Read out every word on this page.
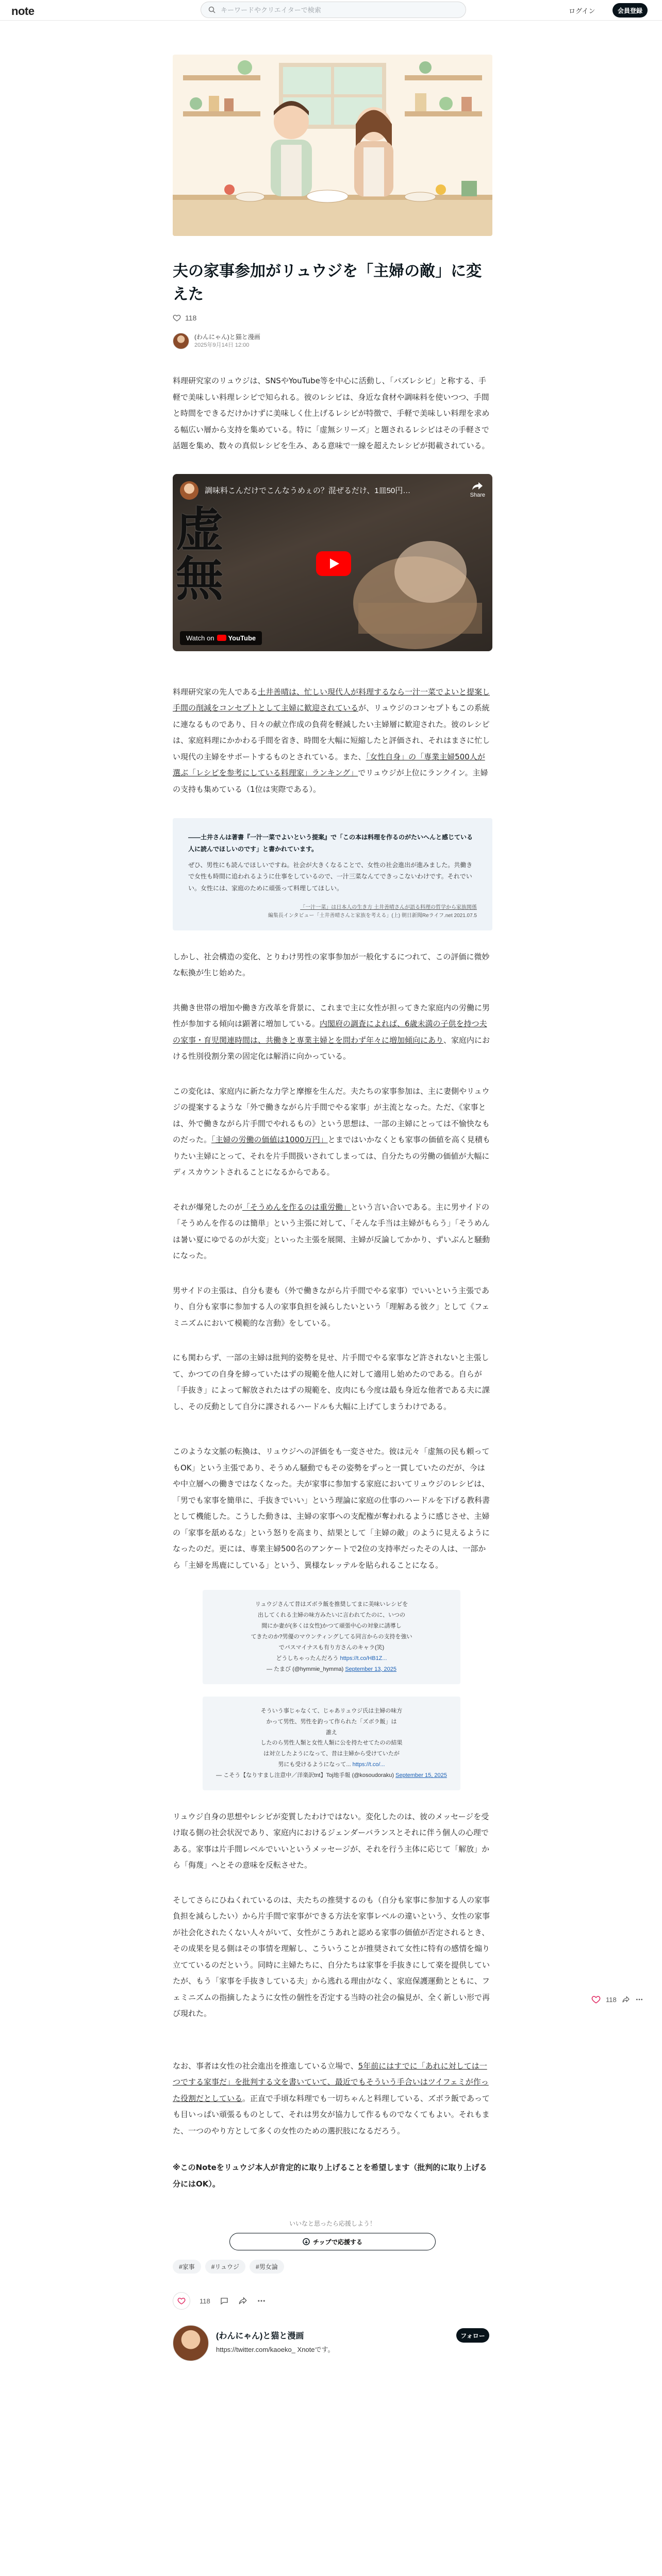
note
キーワードやクリエイターで検索	ログイン	会員登録
夫の家事参加がリュウジを「主婦の敵」に変えた
118
(わんにゃん)と猫と漫画
2025年9月14日 12:00

料理研究家のリュウジは、SNSやYouTube等を中心に活動し、「バズレシピ」と称する、手軽で美味しい料理レシピで知られる。彼のレシピは、身近な食材や調味料を使いつつ、手間と時間をできるだけかけずに美味しく仕上げるレシピが特徴で、手軽で美味しい料理を求める幅広い層から支持を集めている。特に「虚無シリーズ」と題されるレシピはその手軽さで話題を集め、数々の真似レシピを生み、ある意味で一線を超えたレシピが掲載されている。

調味料こんだけでこんなうめぇの？混ぜるだけ、1皿50円…	Share
虚
無
Watch on YouTube

料理研究家の先人である土井善晴は、忙しい現代人が料理するなら一汁一菜でよいと提案し手間の削減をコンセプトとして主婦に歓迎されているが、リュウジのコンセプトもこの系統に連なるものであり、日々の献立作成の負荷を軽減したい主婦層に歓迎された。彼のレシピは、家庭料理にかかわる手間を省き、時間を大幅に短縮したと評価され、それはまさに忙しい現代の主婦をサポートするものとされている。また、「女性自身」の「専業主婦500人が選ぶ「レシピを参考にしている料理家」ランキング」でリュウジが上位にランクイン。主婦の支持も集めている（1位は実際である）。

——土井さんは著書『一汁一菜でよいという提案』で「この本は料理を作るのがたいへんと感じている人に読んでほしいのです」と書かれています。
ぜひ、男性にも読んでほしいですね。社会が大きくなることで、女性の社会進出が進みました。共働きで女性も時間に追われるように仕事をしているので、一汁三菜なんてできっこないわけです。それでいい。女性には、家庭のために頑張って料理してほしい。
「一汁一菜」は日本人の生き方 土井善晴さんが語る料理の哲学から家族関係
編集長インタビュー「土井善晴さんと家族を考える」(上) 朝日新聞Reライフ.net 2021.07.5

しかし、社会構造の変化、とりわけ男性の家事参加が一般化するにつれて、この評価に微妙な転換が生じ始めた。

共働き世帯の増加や働き方改革を背景に、これまで主に女性が担ってきた家庭内の労働に男性が参加する傾向は顕著に増加している。内閣府の調査によれば、6歳未満の子供を持つ夫の家事・育児関連時間は、共働きと専業主婦とを問わず年々に増加傾向にあり、家庭内における性別役割分業の固定化は解消に向かっている。

この変化は、家庭内に新たな力学と摩擦を生んだ。夫たちの家事参加は、主に妻側やリュウジの提案するような「外で働きながら片手間でやる家事」が主流となった。ただ、《家事とは、外で働きながら片手間でやれるもの》という思想は、一部の主婦にとっては不愉快なものだった。「主婦の労働の価値は1000万円」とまではいかなくとも家事の価値を高く見積もりたい主婦にとって、それを片手間扱いされてしまっては、自分たちの労働の価値が大幅にディスカウントされることになるからである。

それが爆発したのが「そうめんを作るのは重労働」という言い合いである。主に男サイドの「そうめんを作るのは簡単」という主張に対して、「そんな手当は主婦がもらう」「そうめんは暑い夏にゆでるのが大変」といった主張を展開、主婦が反論してかかり、ずいぶんと騒動になった。

男サイドの主張は、自分も妻も（外で働きながら片手間でやる家事）でいいという主張であり、自分も家事に参加する人の家事負担を減らしたいという「理解ある彼ク」として《フェミニズムにおいて模範的な言動》をしている。

にも関わらず、一部の主婦は批判的姿勢を見せ、片手間でやる家事など許されないと主張して、かつての自身を締っていたはずの規範を他人に対して適用し始めたのである。自らが「手抜き」によって解放されたはずの規範を、皮肉にも今度は最も身近な他者である夫に課し、その反動として自分に課されるハードルも大幅に上げてしまうわけである。

このような文脈の転換は、リュウジへの評価をも一変させた。彼は元々「虚無の民も頼ってもOK」という主張であり、そうめん騒動でもその姿勢をずっと一貫していたのだが、今はや中立層への働きではなくなった。夫が家事に参加する家庭においてリュウジのレシピは、「男でも家事を簡単に、手抜きでいい」という理論に家庭の仕事のハードルを下げる教科書として機能した。こうした動きは、主婦の家事への支配権が奪われるように感じさせ、主婦の「家事を舐めるな」という怒りを高まり、結果として「主婦の敵」のように見えるようになったのだ。更には、専業主婦500名のアンケートで2位の支持率だったその人は、一部から「主婦を馬鹿にしている」という、異様なレッテルを貼られることになる。

リュウジさんて昔はズボラ飯を推奨してまに美味いレシピを
出してくれる主婦の味方みたいに言われてたのに、いつの
間にか妻が(多くは女性)かつて頑張中心の対象に誘導し
てきたのか?男優のマウンティングしてる同言からの支持を強い
でパスマイナスも有り方さんのキャラ(笑)
どうしちゃったんだろう https://t.co/HB1Z...
— たまび (@hymmie_hymma) September 13, 2025
そういう事じゃなくて、じゃあリュウジ氏は主婦の味方
かって男性、男性を釣って作られた「ズボラ飯」は
誰え
したのら男性人類と女性人類に公を持たせてたのの結果
は対立したようになって、昔は主婦から受けていたが
男にも受けるようになって... https://t.co/...
— こそう【なりすまし注意中／洋楽訳tnt】Toj地手報 (@kosoudoraku) September 15, 2025

リュウジ自身の思想やレシピが変質したわけではない。変化したのは、彼のメッセージを受け取る側の社会状況であり、家庭内におけるジェンダーバランスとそれに伴う個人の心理である。家事は片手間レベルでいいというメッセージが、それを行う主体に応じて「解放」から「侮蔑」へとその意味を反転させた。

そしてさらにひねくれているのは、夫たちの推奨するのも（自分も家事に参加する人の家事負担を減らしたい）から片手間で家事ができる方法を家事レベルの違いという、女性の家事が社会化されたくない人々がいて、女性がこうあれと認める家事の価値が否定されるとき、その成果を見る側はその事情を理解し、こういうことが推奨されて女性に特有の感情を煽り立てているのだという。同時に主婦たちに、自分たちは家事を手抜きにして楽を提供していたが、もう「家事を手抜きしている夫」から逃れる理由がなく、家庭保護運動とともに、フェミニズムの指摘したように女性の個性を否定する当時の社会の偏見が、全く新しい形で再び現れた。

なお、事者は女性の社会進出を推進している立場で、5年前にはすでに「あれに対しては一つでする家事だ」を批判する文を書いていて、最近でもそういう手合いはツイフェミが作った役割だとしている。正直で手頃な料理でも一切ちゃんと料理している、ズボラ飯であっても目いっぱい頑張るものとして、それは男女が協力して作るものでなくてもよい。それもまた、一つのやり方として多くの女性のための選択肢になるだろう。

※このNoteをリュウジ本人が肯定的に取り上げることを希望します（批判的に取り上げる分にはOK）。

いいなと思ったら応援しよう！
チップで応援する
#家事	#リュウジ	#男女論
118
(わんにゃん)と猫と漫画
https://twitter.com/kaoeko_ Xnoteです。
フォロー
118
